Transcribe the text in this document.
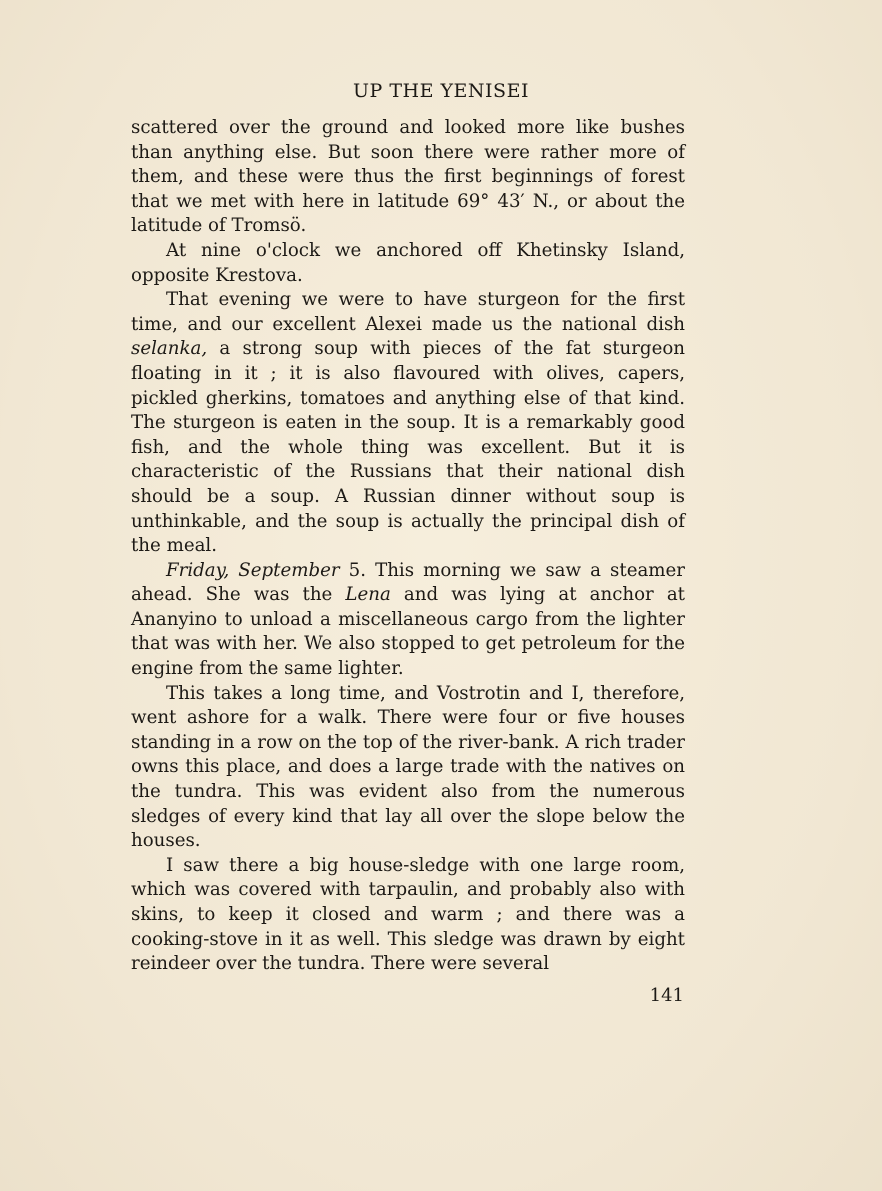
UP THE YENISEI

scattered over the ground and looked more like bushes than anything else. But soon there were rather more of them, and these were thus the first beginnings of forest that we met with here in latitude 69° 43′ N., or about the latitude of Tromsö.

At nine o'clock we anchored off Khetinsky Island, opposite Krestova.

That evening we were to have sturgeon for the first time, and our excellent Alexei made us the national dish selanka, a strong soup with pieces of the fat sturgeon floating in it ; it is also flavoured with olives, capers, pickled gherkins, tomatoes and anything else of that kind. The sturgeon is eaten in the soup. It is a remarkably good fish, and the whole thing was excellent. But it is characteristic of the Russians that their national dish should be a soup. A Russian dinner without soup is unthinkable, and the soup is actually the principal dish of the meal.

Friday, September 5. This morning we saw a steamer ahead. She was the Lena and was lying at anchor at Ananyino to unload a miscellaneous cargo from the lighter that was with her. We also stopped to get petroleum for the engine from the same lighter.

This takes a long time, and Vostrotin and I, therefore, went ashore for a walk. There were four or five houses standing in a row on the top of the river-bank. A rich trader owns this place, and does a large trade with the natives on the tundra. This was evident also from the numerous sledges of every kind that lay all over the slope below the houses.

I saw there a big house-sledge with one large room, which was covered with tarpaulin, and probably also with skins, to keep it closed and warm ; and there was a cooking-stove in it as well. This sledge was drawn by eight reindeer over the tundra. There were several

141
